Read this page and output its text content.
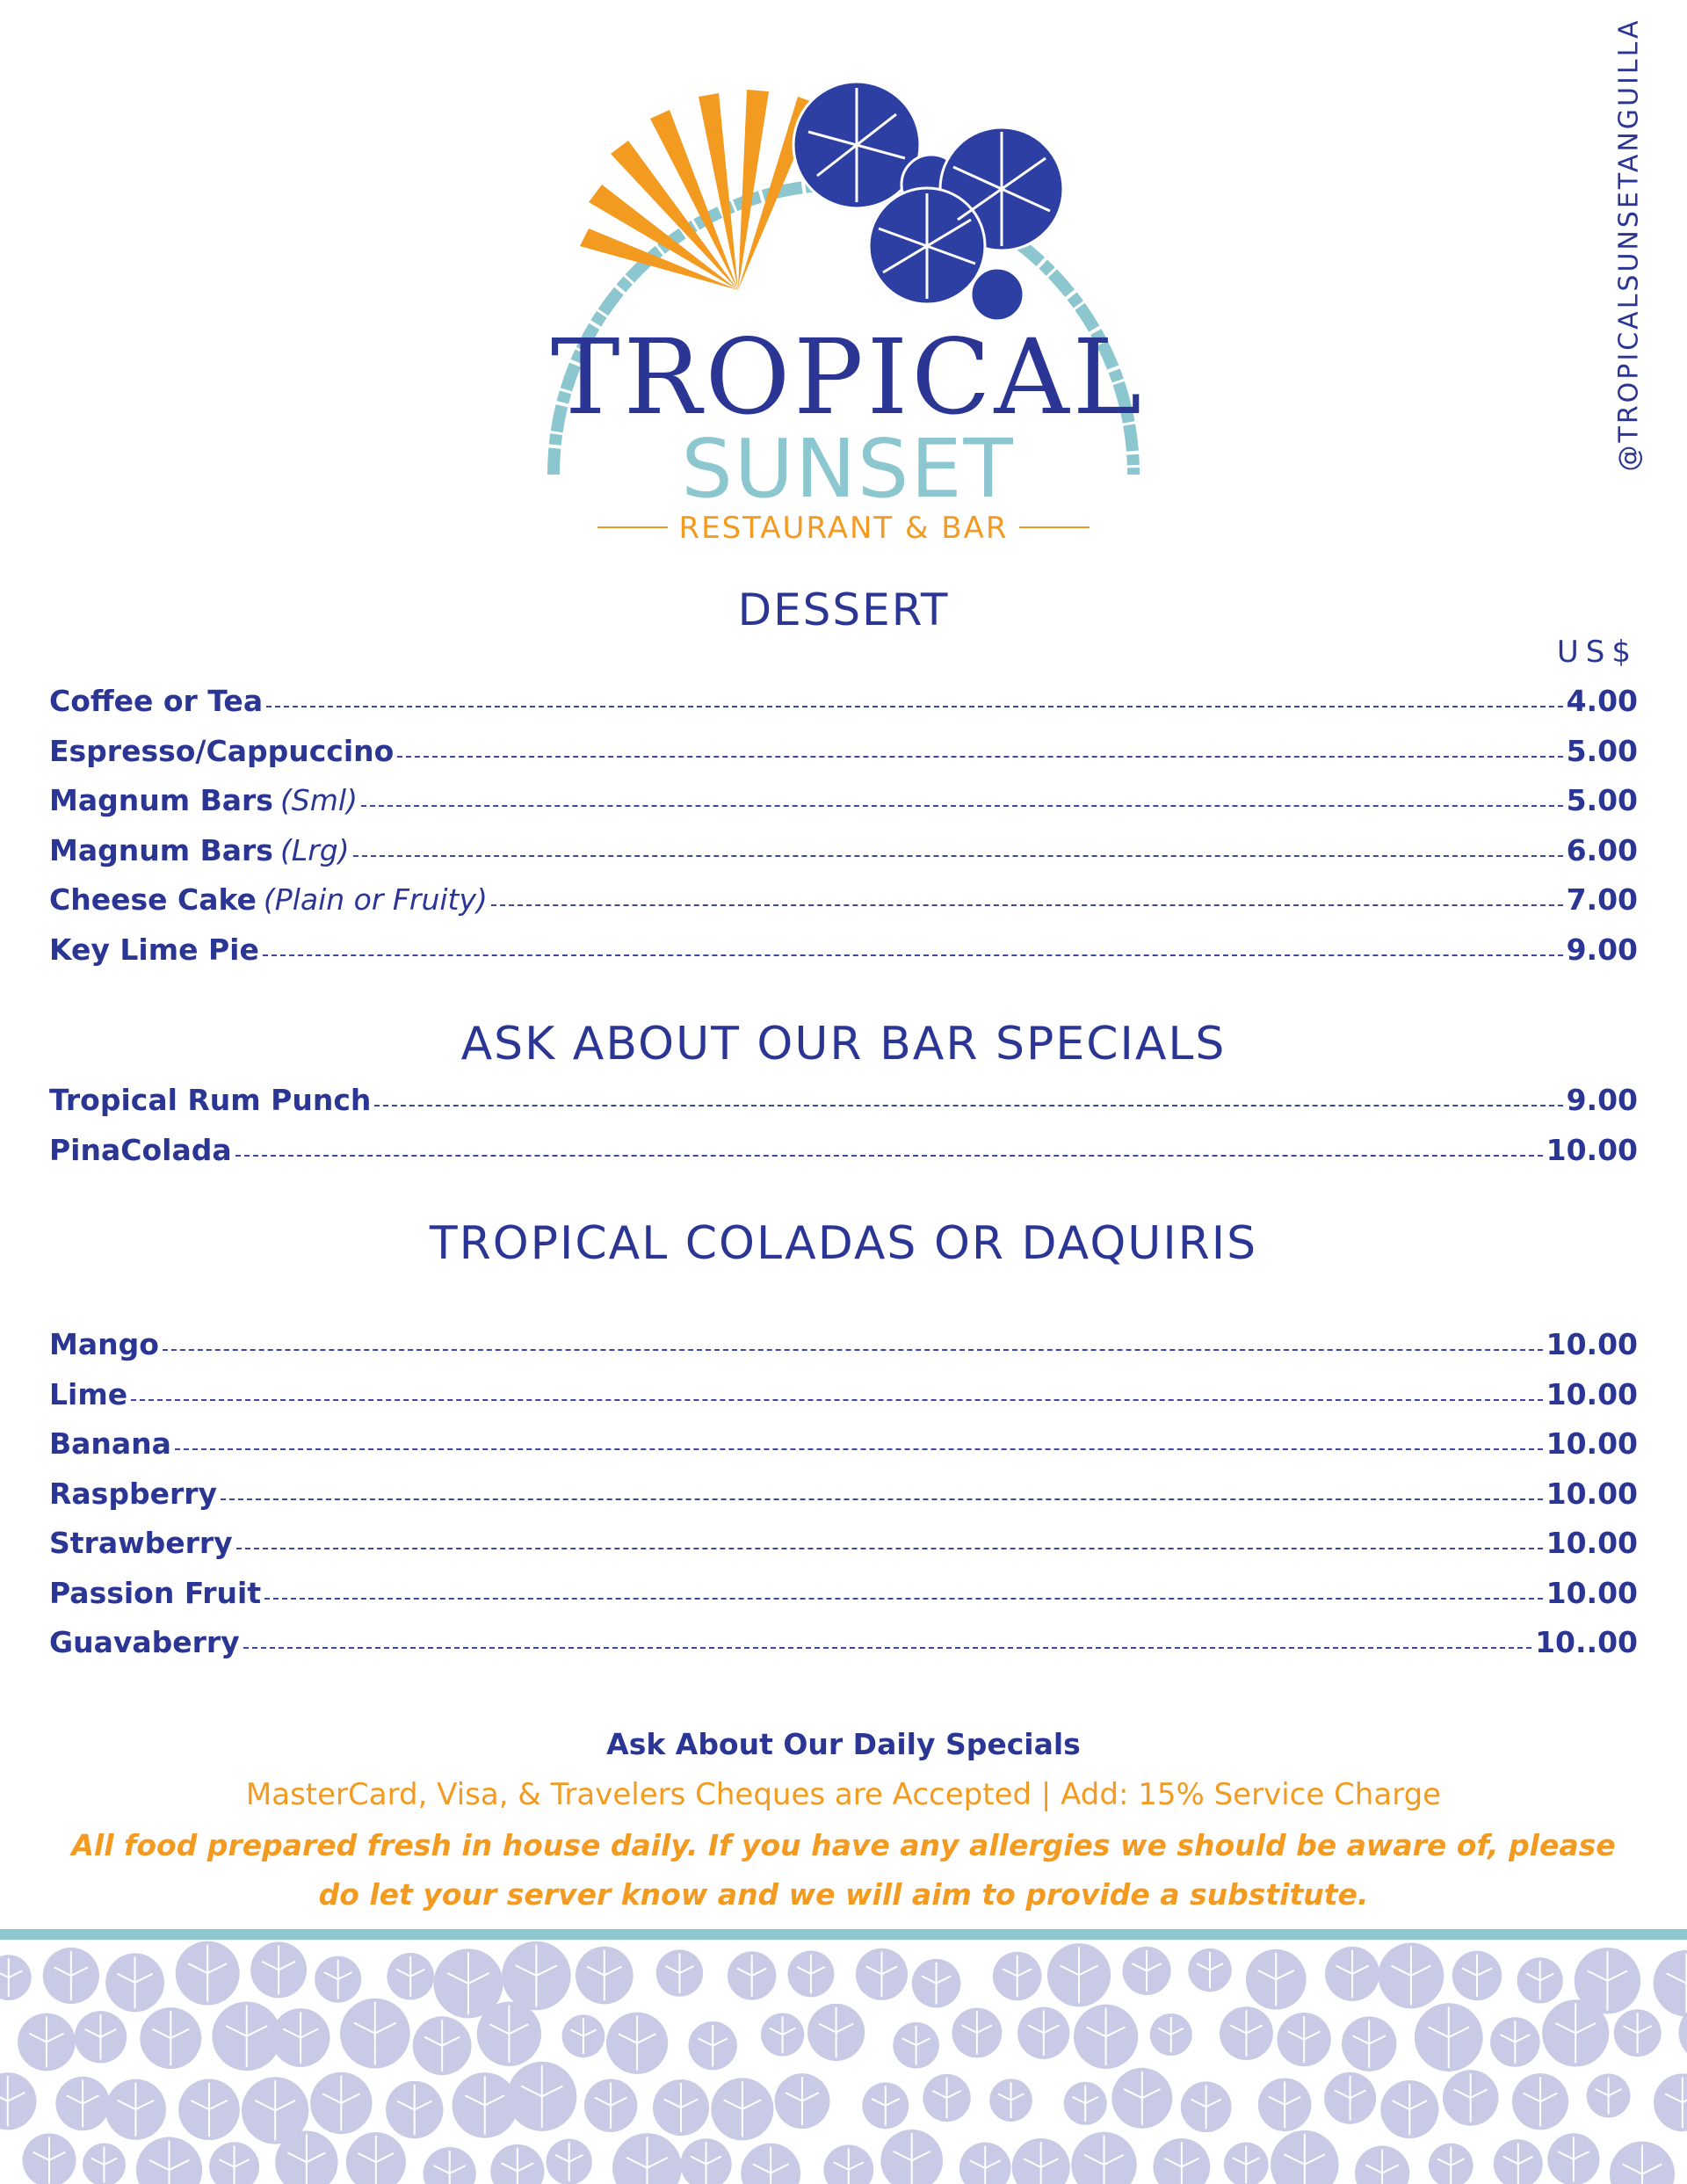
@TROPICALSUNSETANGUILLA
TROPICAL
SUNSET
RESTAURANT & BAR
DESSERT
US$
Coffee or Tea	4.00
Espresso/Cappuccino	5.00
Magnum Bars (Sml)	5.00
Magnum Bars (Lrg)	6.00
Cheese Cake (Plain or Fruity)	7.00
Key Lime Pie	9.00
ASK ABOUT OUR BAR SPECIALS
Tropical Rum Punch	9.00
PinaColada	10.00
TROPICAL COLADAS OR DAQUIRIS
Mango	10.00
Lime	10.00
Banana	10.00
Raspberry	10.00
Strawberry	10.00
Passion Fruit	10.00
Guavaberry	10..00
Ask About Our Daily Specials
MasterCard, Visa, & Travelers Cheques are Accepted | Add: 15% Service Charge
All food prepared fresh in house daily. If you have any allergies we should be aware of, please
do let your server know and we will aim to provide a substitute.
